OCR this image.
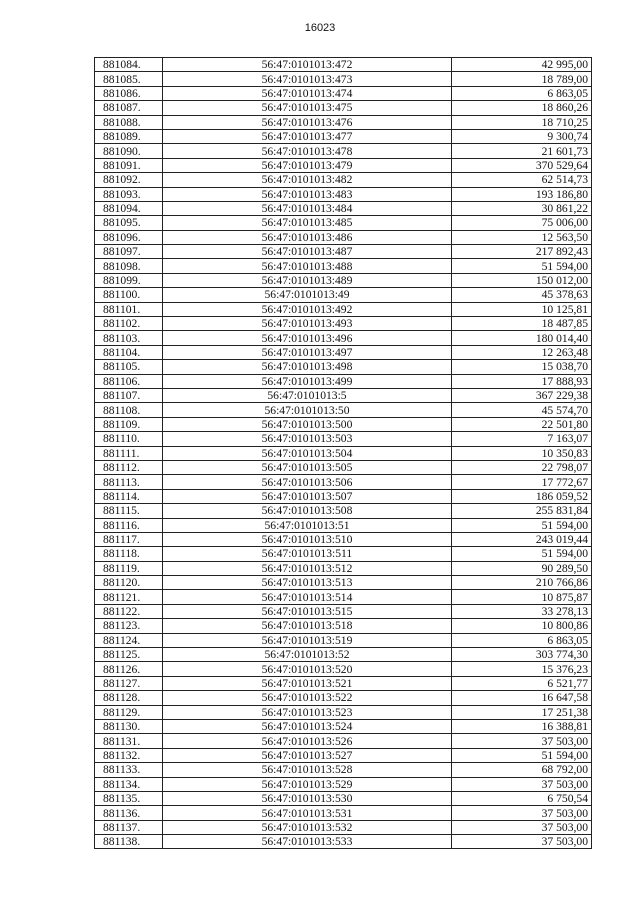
16023
881084.	56:47:0101013:472	42 995,00
881085.	56:47:0101013:473	18 789,00
881086.	56:47:0101013:474	6 863,05
881087.	56:47:0101013:475	18 860,26
881088.	56:47:0101013:476	18 710,25
881089.	56:47:0101013:477	9 300,74
881090.	56:47:0101013:478	21 601,73
881091.	56:47:0101013:479	370 529,64
881092.	56:47:0101013:482	62 514,73
881093.	56:47:0101013:483	193 186,80
881094.	56:47:0101013:484	30 861,22
881095.	56:47:0101013:485	75 006,00
881096.	56:47:0101013:486	12 563,50
881097.	56:47:0101013:487	217 892,43
881098.	56:47:0101013:488	51 594,00
881099.	56:47:0101013:489	150 012,00
881100.	56:47:0101013:49	45 378,63
881101.	56:47:0101013:492	10 125,81
881102.	56:47:0101013:493	18 487,85
881103.	56:47:0101013:496	180 014,40
881104.	56:47:0101013:497	12 263,48
881105.	56:47:0101013:498	15 038,70
881106.	56:47:0101013:499	17 888,93
881107.	56:47:0101013:5	367 229,38
881108.	56:47:0101013:50	45 574,70
881109.	56:47:0101013:500	22 501,80
881110.	56:47:0101013:503	7 163,07
881111.	56:47:0101013:504	10 350,83
881112.	56:47:0101013:505	22 798,07
881113.	56:47:0101013:506	17 772,67
881114.	56:47:0101013:507	186 059,52
881115.	56:47:0101013:508	255 831,84
881116.	56:47:0101013:51	51 594,00
881117.	56:47:0101013:510	243 019,44
881118.	56:47:0101013:511	51 594,00
881119.	56:47:0101013:512	90 289,50
881120.	56:47:0101013:513	210 766,86
881121.	56:47:0101013:514	10 875,87
881122.	56:47:0101013:515	33 278,13
881123.	56:47:0101013:518	10 800,86
881124.	56:47:0101013:519	6 863,05
881125.	56:47:0101013:52	303 774,30
881126.	56:47:0101013:520	15 376,23
881127.	56:47:0101013:521	6 521,77
881128.	56:47:0101013:522	16 647,58
881129.	56:47:0101013:523	17 251,38
881130.	56:47:0101013:524	16 388,81
881131.	56:47:0101013:526	37 503,00
881132.	56:47:0101013:527	51 594,00
881133.	56:47:0101013:528	68 792,00
881134.	56:47:0101013:529	37 503,00
881135.	56:47:0101013:530	6 750,54
881136.	56:47:0101013:531	37 503,00
881137.	56:47:0101013:532	37 503,00
881138.	56:47:0101013:533	37 503,00
